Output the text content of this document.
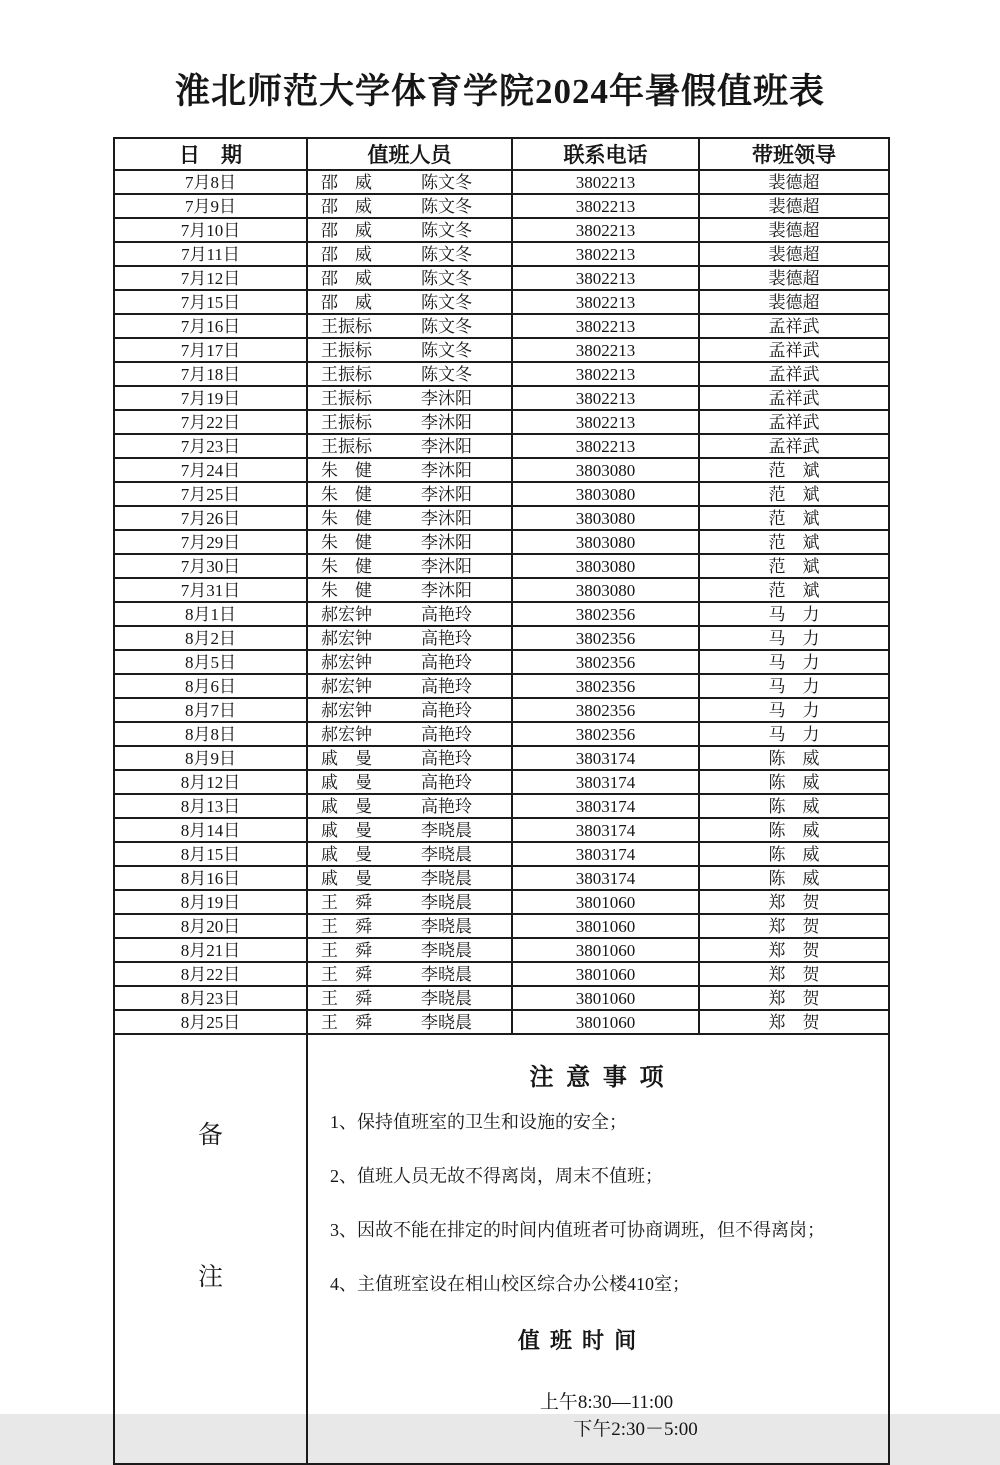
淮北师范大学体育学院2024年暑假值班表
日　期	值班人员	联系电话	带班领导
7月8日	邵　威 陈文冬	3802213	裴德超
7月9日	邵　威 陈文冬	3802213	裴德超
7月10日	邵　威 陈文冬	3802213	裴德超
7月11日	邵　威 陈文冬	3802213	裴德超
7月12日	邵　威 陈文冬	3802213	裴德超
7月15日	邵　威 陈文冬	3802213	裴德超
7月16日	王振标 陈文冬	3802213	孟祥武
7月17日	王振标 陈文冬	3802213	孟祥武
7月18日	王振标 陈文冬	3802213	孟祥武
7月19日	王振标 李沐阳	3802213	孟祥武
7月22日	王振标 李沐阳	3802213	孟祥武
7月23日	王振标 李沐阳	3802213	孟祥武
7月24日	朱　健 李沐阳	3803080	范　斌
7月25日	朱　健 李沐阳	3803080	范　斌
7月26日	朱　健 李沐阳	3803080	范　斌
7月29日	朱　健 李沐阳	3803080	范　斌
7月30日	朱　健 李沐阳	3803080	范　斌
7月31日	朱　健 李沐阳	3803080	范　斌
8月1日	郝宏钟 高艳玲	3802356	马　力
8月2日	郝宏钟 高艳玲	3802356	马　力
8月5日	郝宏钟 高艳玲	3802356	马　力
8月6日	郝宏钟 高艳玲	3802356	马　力
8月7日	郝宏钟 高艳玲	3802356	马　力
8月8日	郝宏钟 高艳玲	3802356	马　力
8月9日	戚　曼 高艳玲	3803174	陈　威
8月12日	戚　曼 高艳玲	3803174	陈　威
8月13日	戚　曼 高艳玲	3803174	陈　威
8月14日	戚　曼 李晓晨	3803174	陈　威
8月15日	戚　曼 李晓晨	3803174	陈　威
8月16日	戚　曼 李晓晨	3803174	陈　威
8月19日	王　舜 李晓晨	3801060	郑　贺
8月20日	王　舜 李晓晨	3801060	郑　贺
8月21日	王　舜 李晓晨	3801060	郑　贺
8月22日	王　舜 李晓晨	3801060	郑　贺
8月23日	王　舜 李晓晨	3801060	郑　贺
8月25日	王　舜 李晓晨	3801060	郑　贺

备
注

注 意 事 项
1、保持值班室的卫生和设施的安全；
2、值班人员无故不得离岗，周末不值班；
3、因故不能在排定的时间内值班者可协商调班，但不得离岗；
4、主值班室设在相山校区综合办公楼410室；
值 班 时 间

上午8:30—11:00
下午2:30－5:00
